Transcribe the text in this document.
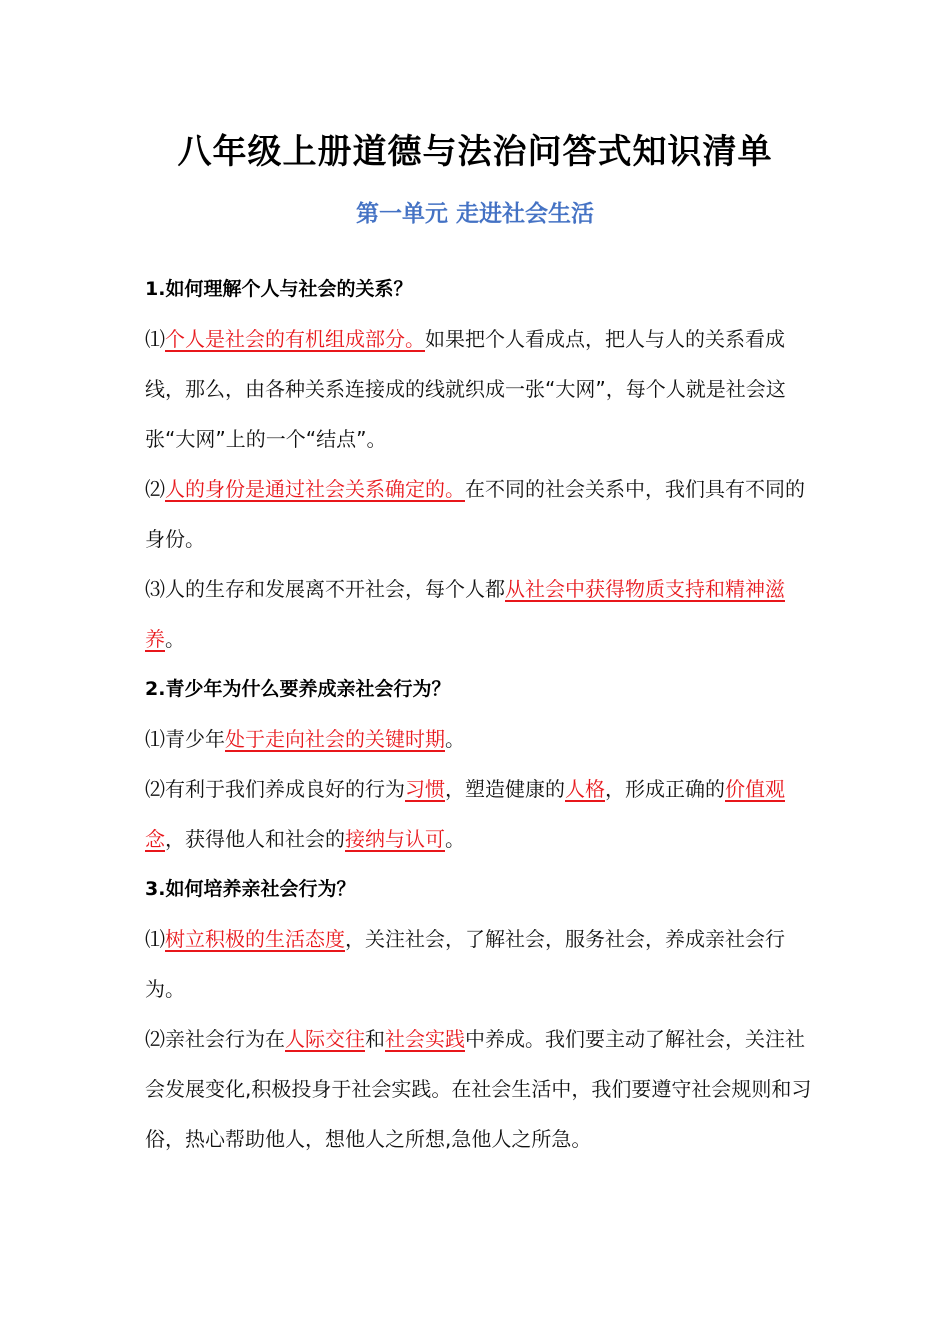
八年级上册道德与法治问答式知识清单
第一单元 走进社会生活
1.如何理解个人与社会的关系？
⑴个人是社会的有机组成部分。如果把个人看成点，把人与人的关系看成线，那么，由各种关系连接成的线就织成一张“大网”，每个人就是社会这张“大网”上的一个“结点”。
⑵人的身份是通过社会关系确定的。在不同的社会关系中，我们具有不同的身份。
⑶人的生存和发展离不开社会，每个人都从社会中获得物质支持和精神滋养。
2.青少年为什么要养成亲社会行为？
⑴青少年处于走向社会的关键时期。
⑵有利于我们养成良好的行为习惯，塑造健康的人格，形成正确的价值观念，获得他人和社会的接纳与认可。
3.如何培养亲社会行为？
⑴树立积极的生活态度，关注社会，了解社会，服务社会，养成亲社会行为。
⑵亲社会行为在人际交往和社会实践中养成。我们要主动了解社会，关注社会发展变化,积极投身于社会实践。在社会生活中，我们要遵守社会规则和习俗，热心帮助他人，想他人之所想,急他人之所急。
